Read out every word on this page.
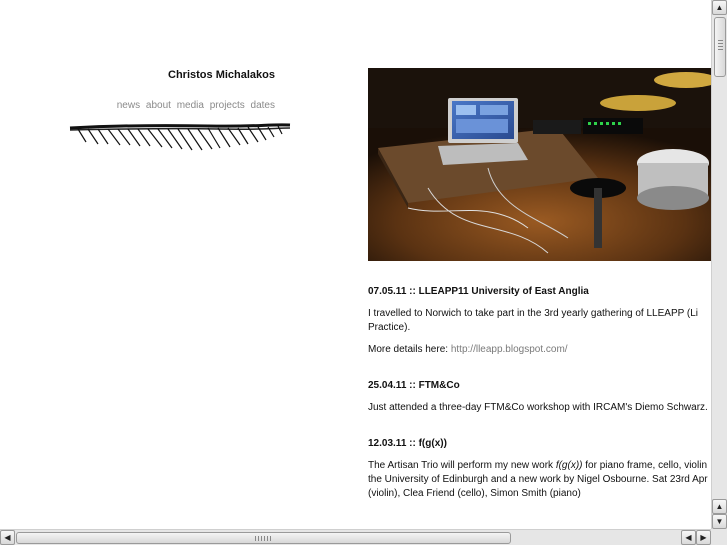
Christos Michalakos
news about media projects dates
07.05.11 :: LLEAPP11 University of East Anglia

I travelled to Norwich to take part in the 3rd yearly gathering of LLEAPP (Li

Practice).

More details here: http://lleapp.blogspot.com/

25.04.11 :: FTM&Co

Just attended a three-day FTM&Co workshop with IRCAM's Diemo Schwarz.

12.03.11 :: f(g(x))

The Artisan Trio will perform my new work f(g(x)) for piano frame, cello, violin

the University of Edinburgh and a new work by Nigel Osbourne. Sat 23rd Apr

(violin), Clea Friend (cello), Simon Smith (piano)

▲
▲
▼
◀	◀	▶
